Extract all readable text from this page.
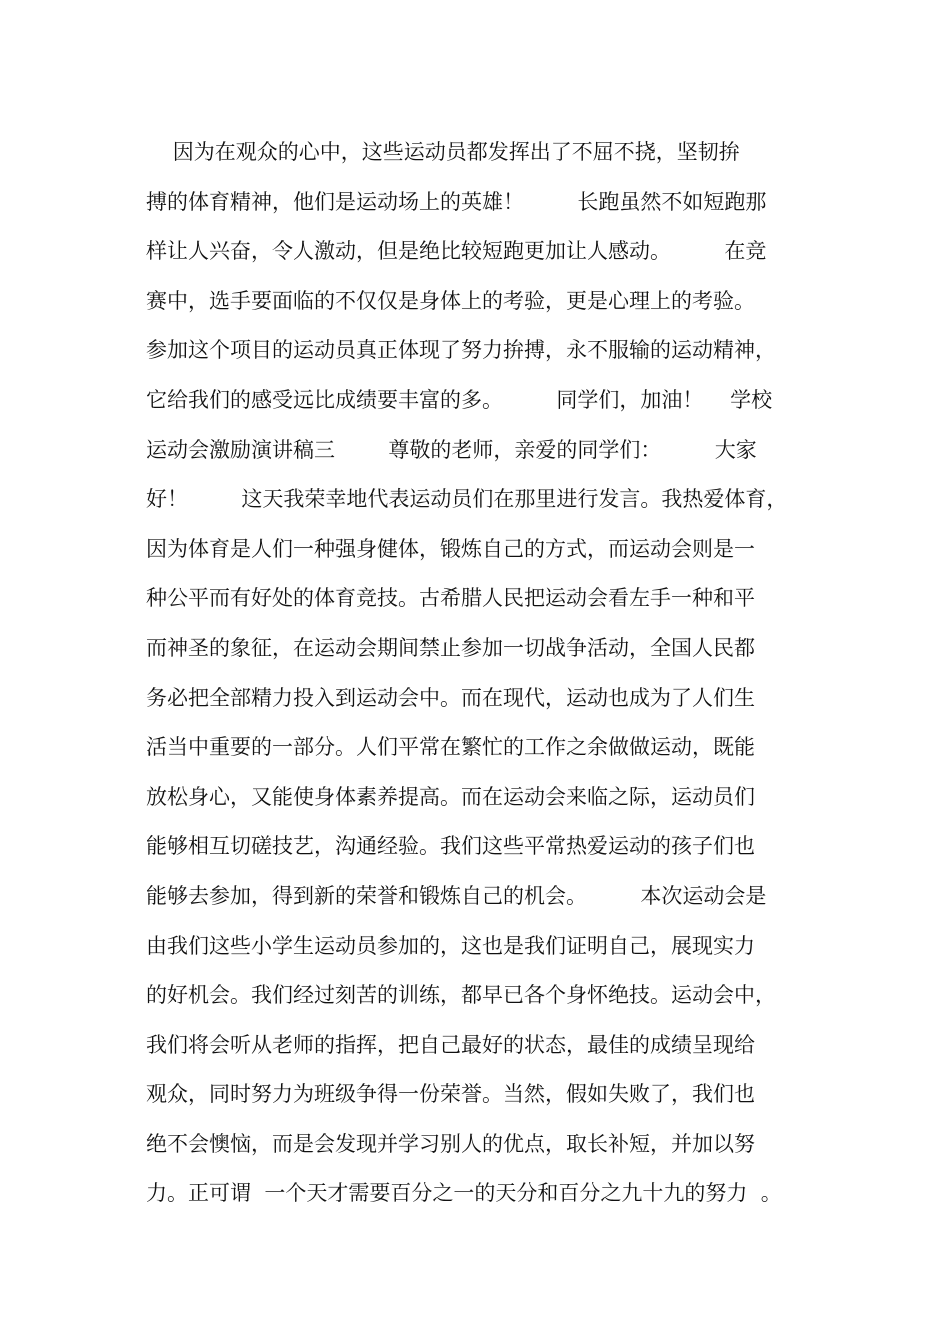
因为在观众的心中，这些运动员都发挥出了不屈不挠，坚韧拚
搏的体育精神，他们是运动场上的英雄！        长跑虽然不如短跑那
样让人兴奋，令人激动，但是绝比较短跑更加让人感动。        在竞
赛中，选手要面临的不仅仅是身体上的考验，更是心理上的考验。
参加这个项目的运动员真正体现了努力拚搏，永不服输的运动精神，
它给我们的感受远比成绩要丰富的多。        同学们，加油！    学校
运动会激励演讲稿三        尊敬的老师，亲爱的同学们：        大家
好！        这天我荣幸地代表运动员们在那里进行发言。我热爱体育，
因为体育是人们一种强身健体，锻炼自己的方式，而运动会则是一
种公平而有好处的体育竞技。古希腊人民把运动会看左手一种和平
而神圣的象征，在运动会期间禁止参加一切战争活动，全国人民都
务必把全部精力投入到运动会中。而在现代，运动也成为了人们生
活当中重要的一部分。人们平常在繁忙的工作之余做做运动，既能
放松身心，又能使身体素养提高。而在运动会来临之际，运动员们
能够相互切磋技艺，沟通经验。我们这些平常热爱运动的孩子们也
能够去参加，得到新的荣誉和锻炼自己的机会。        本次运动会是
由我们这些小学生运动员参加的，这也是我们证明自己，展现实力
的好机会。我们经过刻苦的训练，都早已各个身怀绝技。运动会中，
我们将会听从老师的指挥，把自己最好的状态，最佳的成绩呈现给
观众，同时努力为班级争得一份荣誉。当然，假如失败了，我们也
绝不会懊恼，而是会发现并学习别人的优点，取长补短，并加以努
力。正可谓  一个天才需要百分之一的天分和百分之九十九的努力  。
